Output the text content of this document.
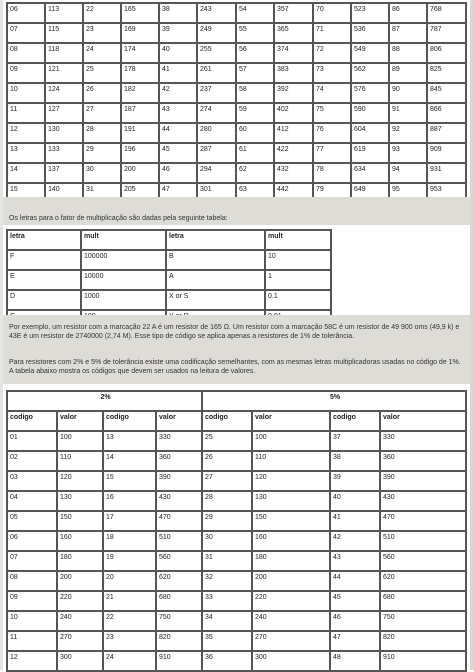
06	113	22	165	38	243	54	357	70	523	86	768
07	115	23	169	39	249	55	365	71	536	87	787
08	118	24	174	40	255	56	374	72	549	88	806
09	121	25	178	41	261	57	383	73	562	89	825
10	124	26	182	42	237	58	392	74	576	90	845
11	127	27	187	43	274	59	402	75	590	91	866
12	130	28	191	44	280	60	412	76	604	92	887
13	133	29	196	45	287	61	422	77	619	93	909
14	137	30	200	46	294	62	432	78	634	94	931
15	140	31	205	47	301	63	442	79	649	95	953

Os letras para o fator de multiplicação são dadas pela seguinte tabela:
letra	mult	letra	mult
F	100000	B	10
E	10000	A	1
D	1000	X or S	0.1

Por exemplo, um resistor com a marcação 22 A é um resistor de 165 Ω. Um resistor com a marcação 58C é um resistor de 49 900 oms (49,9 k) e 43E é um resistor de 2740000 (2,74 M). Esse tipo de código se aplica apenas a resistores de 1% de tolerância.
Para resistores com 2% e 5% de tolerância existe uma codificação semelhantes, com as mesmas letras multiplicadoras usadas no código de 1%. A tabela abaixo mostra os códigos que devem ser usados na leitura de valores.
2%				5%			
codigo	valor	codigo	valor	codigo	valor	codigo	valor
01	100	13	330	25	100	37	330
02	110	14	360	26	110	38	360
03	120	15	390	27	120	39	390
04	130	16	430	28	130	40	430
05	150	17	470	29	150	41	470
06	160	18	510	30	160	42	510
07	180	19	560	31	180	43	560
08	200	20	620	32	200	44	620
09	220	21	680	33	220	45	680
10	240	22	750	34	240	46	750
11	270	23	820	35	270	47	820
12	300	24	910	36	300	48	910
